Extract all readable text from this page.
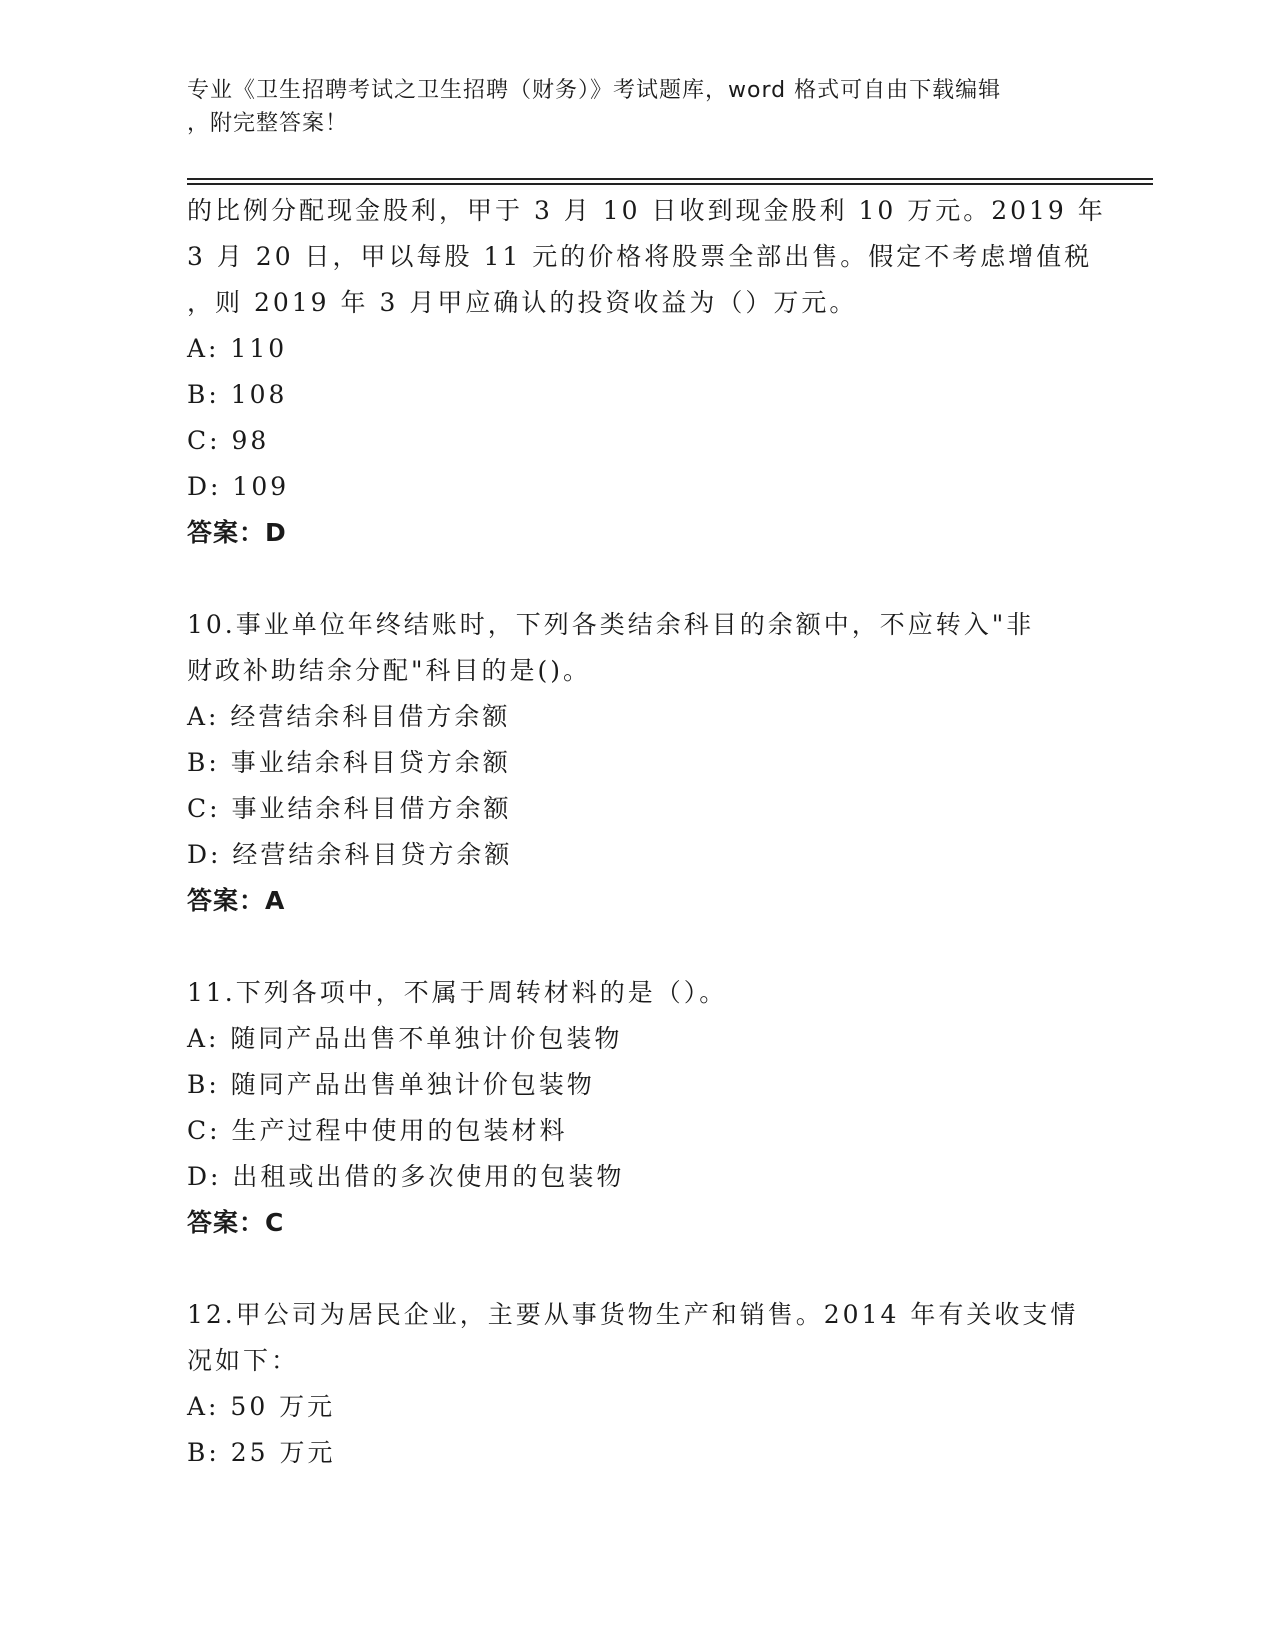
专业《卫生招聘考试之卫生招聘（财务）》考试题库，word 格式可自由下载编辑
，附完整答案！
的比例分配现金股利，甲于 3 月 10 日收到现金股利 10 万元。2019 年
3 月 20 日，甲以每股 11 元的价格将股票全部出售。假定不考虑增值税
，则 2019 年 3 月甲应确认的投资收益为（）万元。
A: 110
B: 108
C: 98
D: 109
答案：D
10.事业单位年终结账时，下列各类结余科目的余额中，不应转入"非
财政补助结余分配"科目的是()。
A: 经营结余科目借方余额
B: 事业结余科目贷方余额
C: 事业结余科目借方余额
D: 经营结余科目贷方余额
答案：A
11.下列各项中，不属于周转材料的是（）。
A: 随同产品出售不单独计价包装物
B: 随同产品出售单独计价包装物
C: 生产过程中使用的包装材料
D: 出租或出借的多次使用的包装物
答案：C
12.甲公司为居民企业，主要从事货物生产和销售。2014 年有关收支情
况如下：
A: 50 万元
B: 25 万元
